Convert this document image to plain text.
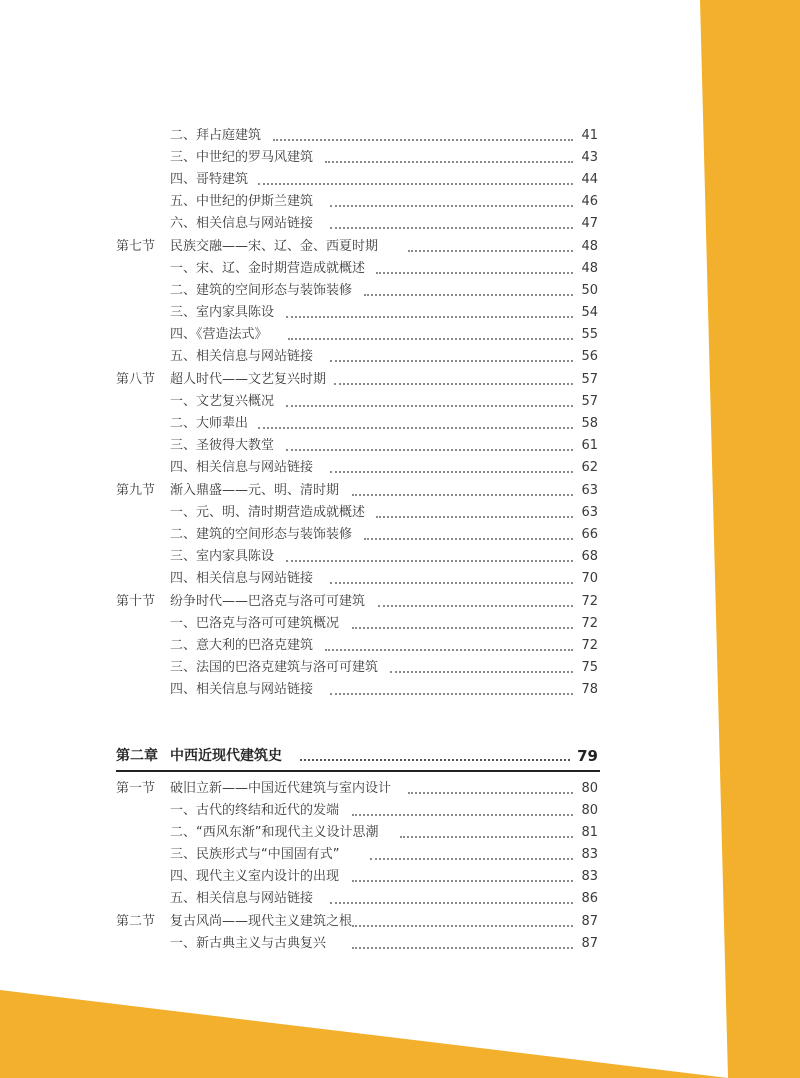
二、拜占庭建筑	41
三、中世纪的罗马风建筑	43
四、哥特建筑	44
五、中世纪的伊斯兰建筑	46
六、相关信息与网站链接	47
第七节 民族交融——宋、辽、金、西夏时期	48
一、宋、辽、金时期营造成就概述	48
二、建筑的空间形态与装饰装修	50
三、室内家具陈设	54
四、《营造法式》	55
五、相关信息与网站链接	56
第八节 超人时代——文艺复兴时期	57
一、文艺复兴概况	57
二、大师辈出	58
三、圣彼得大教堂	61
四、相关信息与网站链接	62
第九节 渐入鼎盛——元、明、清时期	63
一、元、明、清时期营造成就概述	63
二、建筑的空间形态与装饰装修	66
三、室内家具陈设	68
四、相关信息与网站链接	70
第十节 纷争时代——巴洛克与洛可可建筑	72
一、巴洛克与洛可可建筑概况	72
二、意大利的巴洛克建筑	72
三、法国的巴洛克建筑与洛可可建筑	75
四、相关信息与网站链接	78
第二章 中西近现代建筑史	79
第一节 破旧立新——中国近代建筑与室内设计	80
一、古代的终结和近代的发端	80
二、“西风东渐”和现代主义设计思潮	81
三、民族形式与“中国固有式”	83
四、现代主义室内设计的出现	83
五、相关信息与网站链接	86
第二节 复古风尚——现代主义建筑之根	87
一、新古典主义与古典复兴	87
